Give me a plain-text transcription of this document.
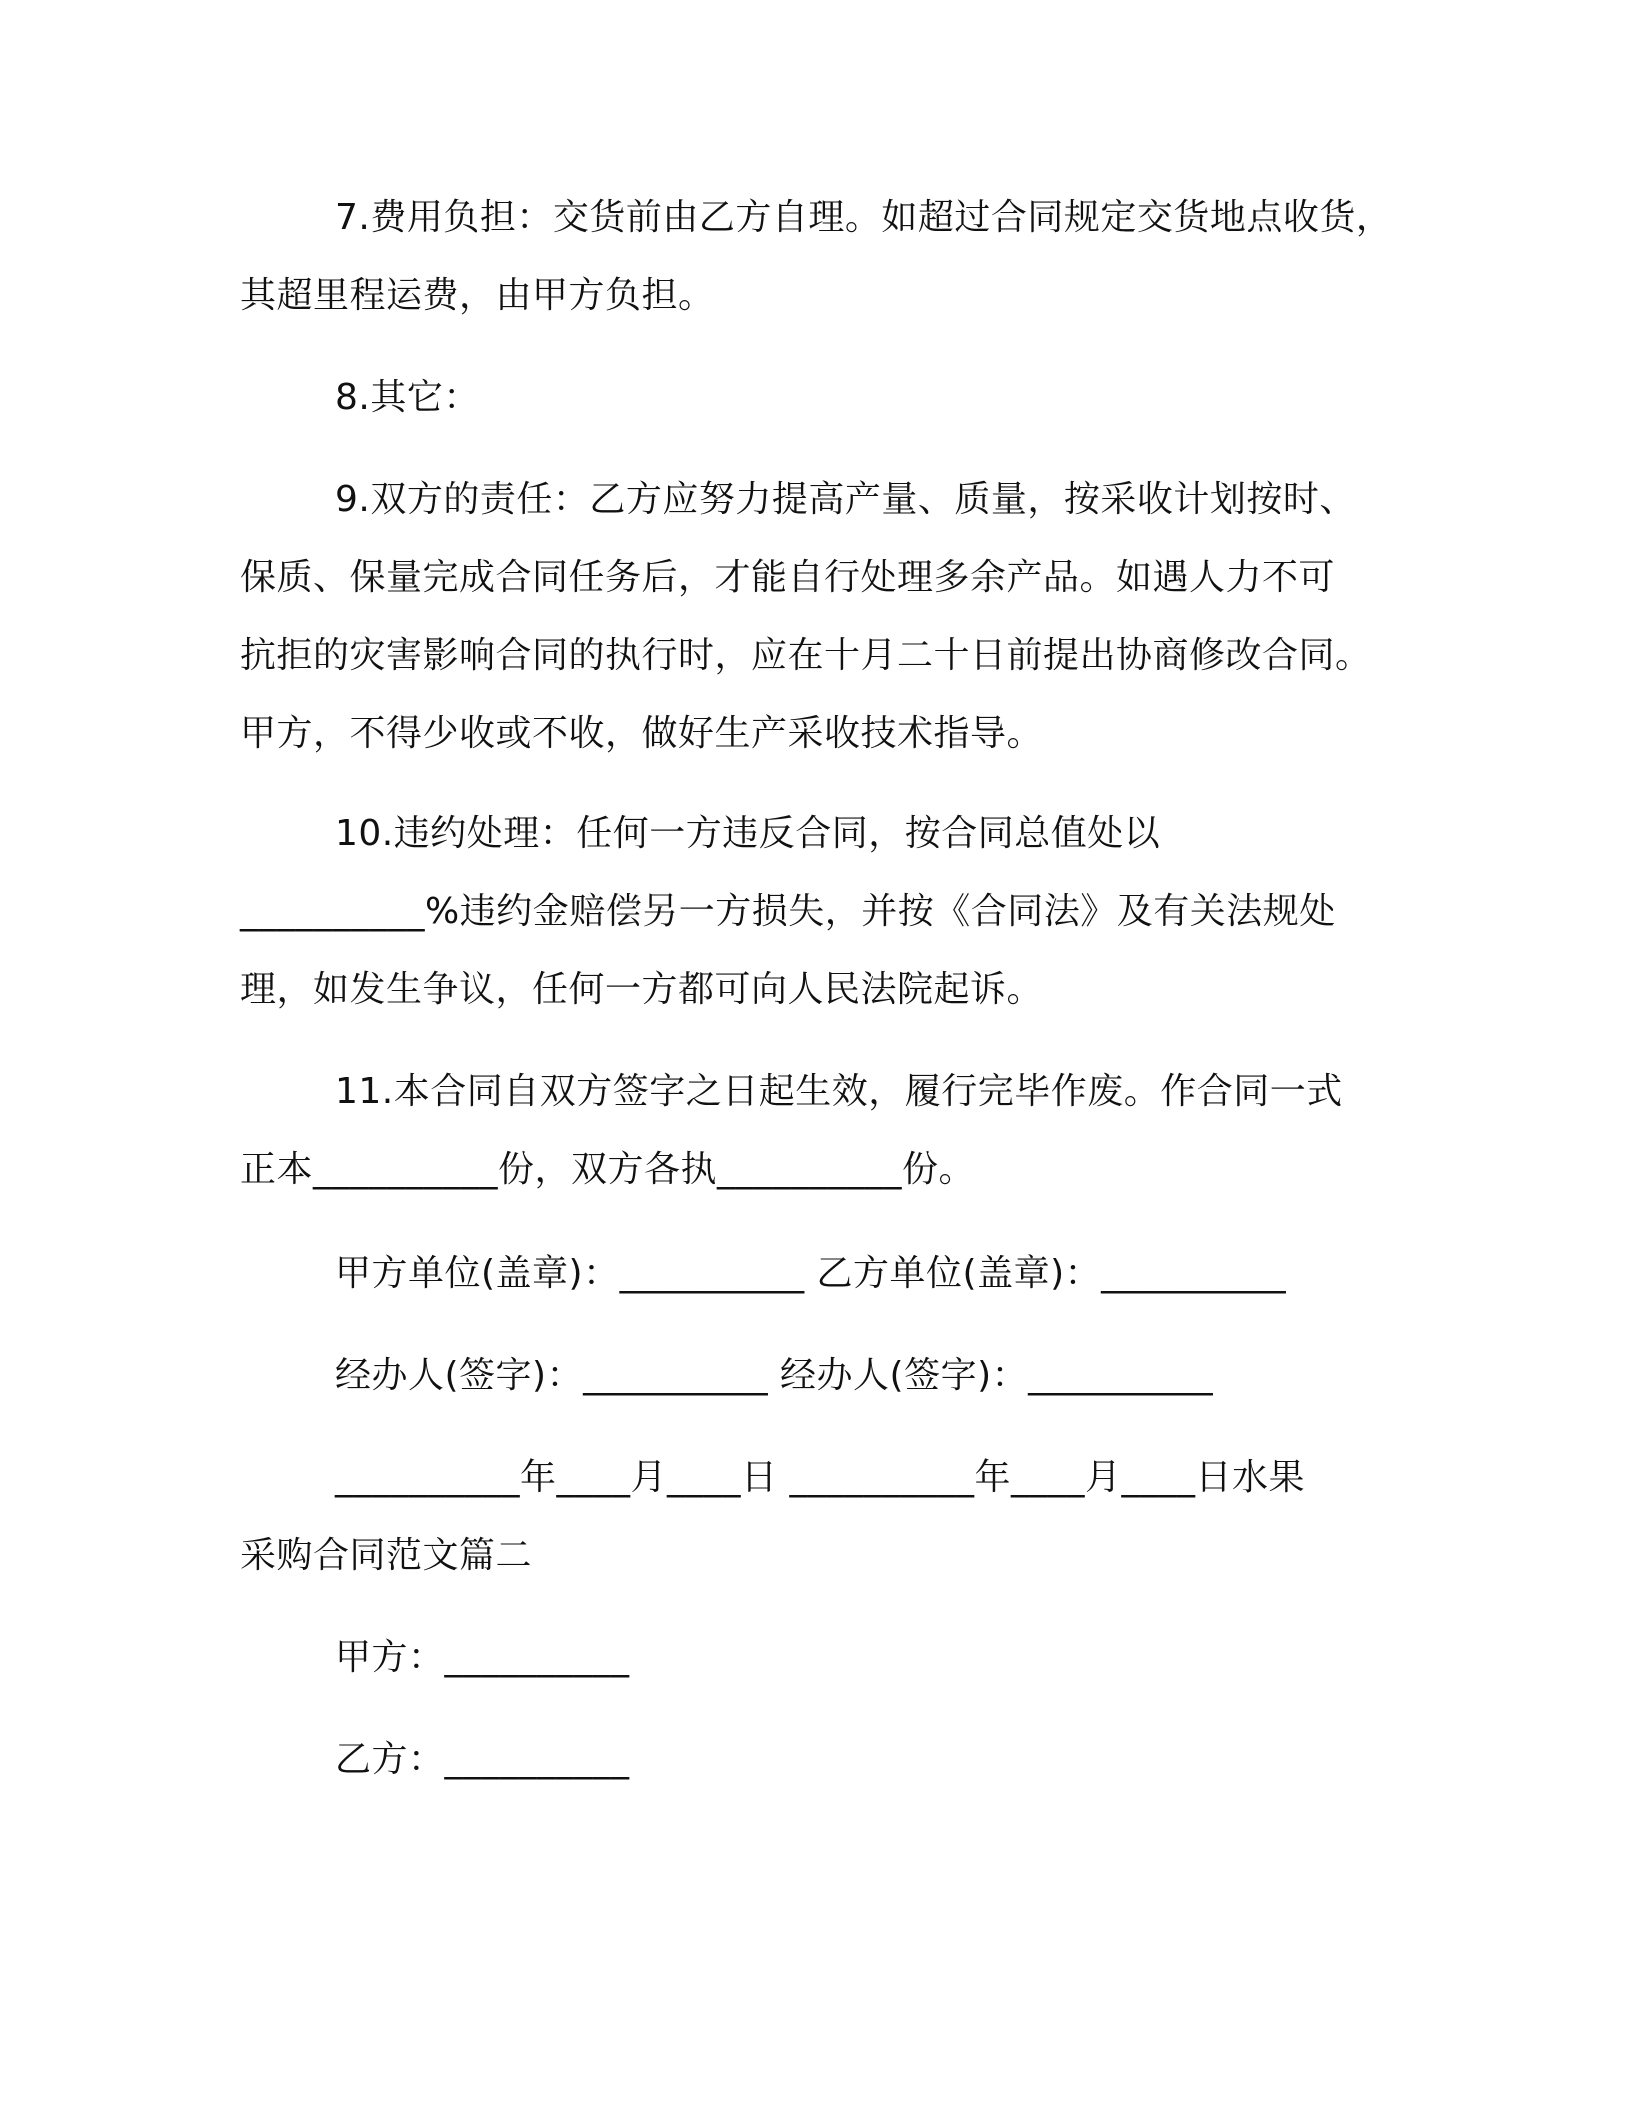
7.费用负担：交货前由乙方自理。如超过合同规定交货地点收货，
其超里程运费，由甲方负担。
8.其它：
9.双方的责任：乙方应努力提高产量、质量，按采收计划按时、
保质、保量完成合同任务后，才能自行处理多余产品。如遇人力不可
抗拒的灾害影响合同的执行时，应在十月二十日前提出协商修改合同。
甲方，不得少收或不收，做好生产采收技术指导。
10.违约处理：任何一方违反合同，按合同总值处以
__________%违约金赔偿另一方损失，并按《合同法》及有关法规处
理，如发生争议，任何一方都可向人民法院起诉。
11.本合同自双方签字之日起生效，履行完毕作废。作合同一式
正本__________份，双方各执__________份。
甲方单位(盖章)：__________ 乙方单位(盖章)：__________
经办人(签字)：__________ 经办人(签字)：__________
__________年____月____日 __________年____月____日水果
采购合同范文篇二
甲方：__________
乙方：__________
